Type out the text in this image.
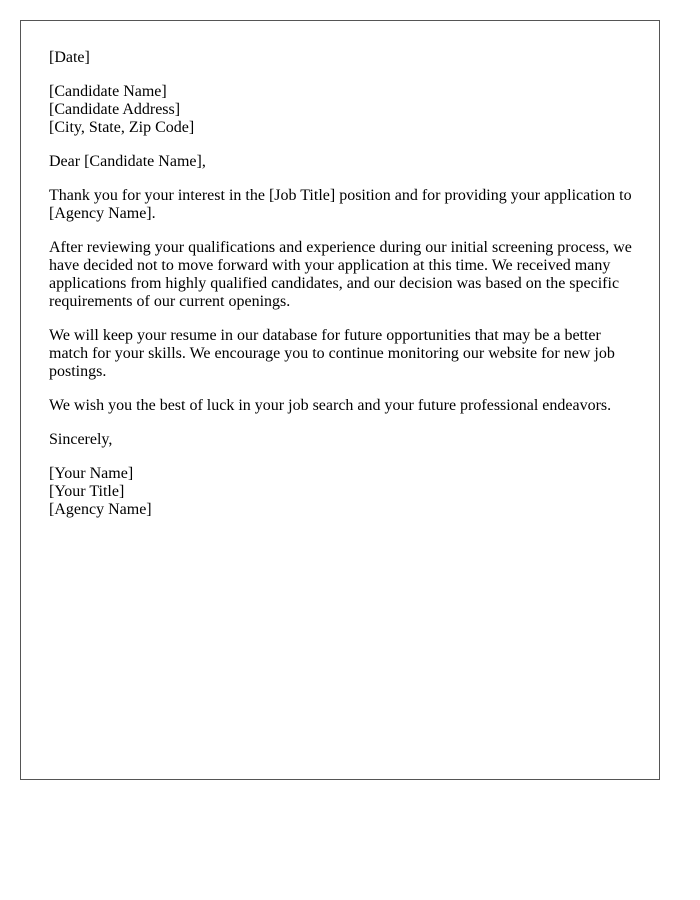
[Date]
[Candidate Name]
[Candidate Address]
[City, State, Zip Code]
Dear [Candidate Name],

Thank you for your interest in the [Job Title] position and for providing your application to [Agency Name].

After reviewing your qualifications and experience during our initial screening process, we have decided not to move forward with your application at this time. We received many applications from highly qualified candidates, and our decision was based on the specific requirements of our current openings.

We will keep your resume in our database for future opportunities that may be a better match for your skills. We encourage you to continue monitoring our website for new job postings.

We wish you the best of luck in your job search and your future professional endeavors.

Sincerely,
[Your Name]
[Your Title]
[Agency Name]
